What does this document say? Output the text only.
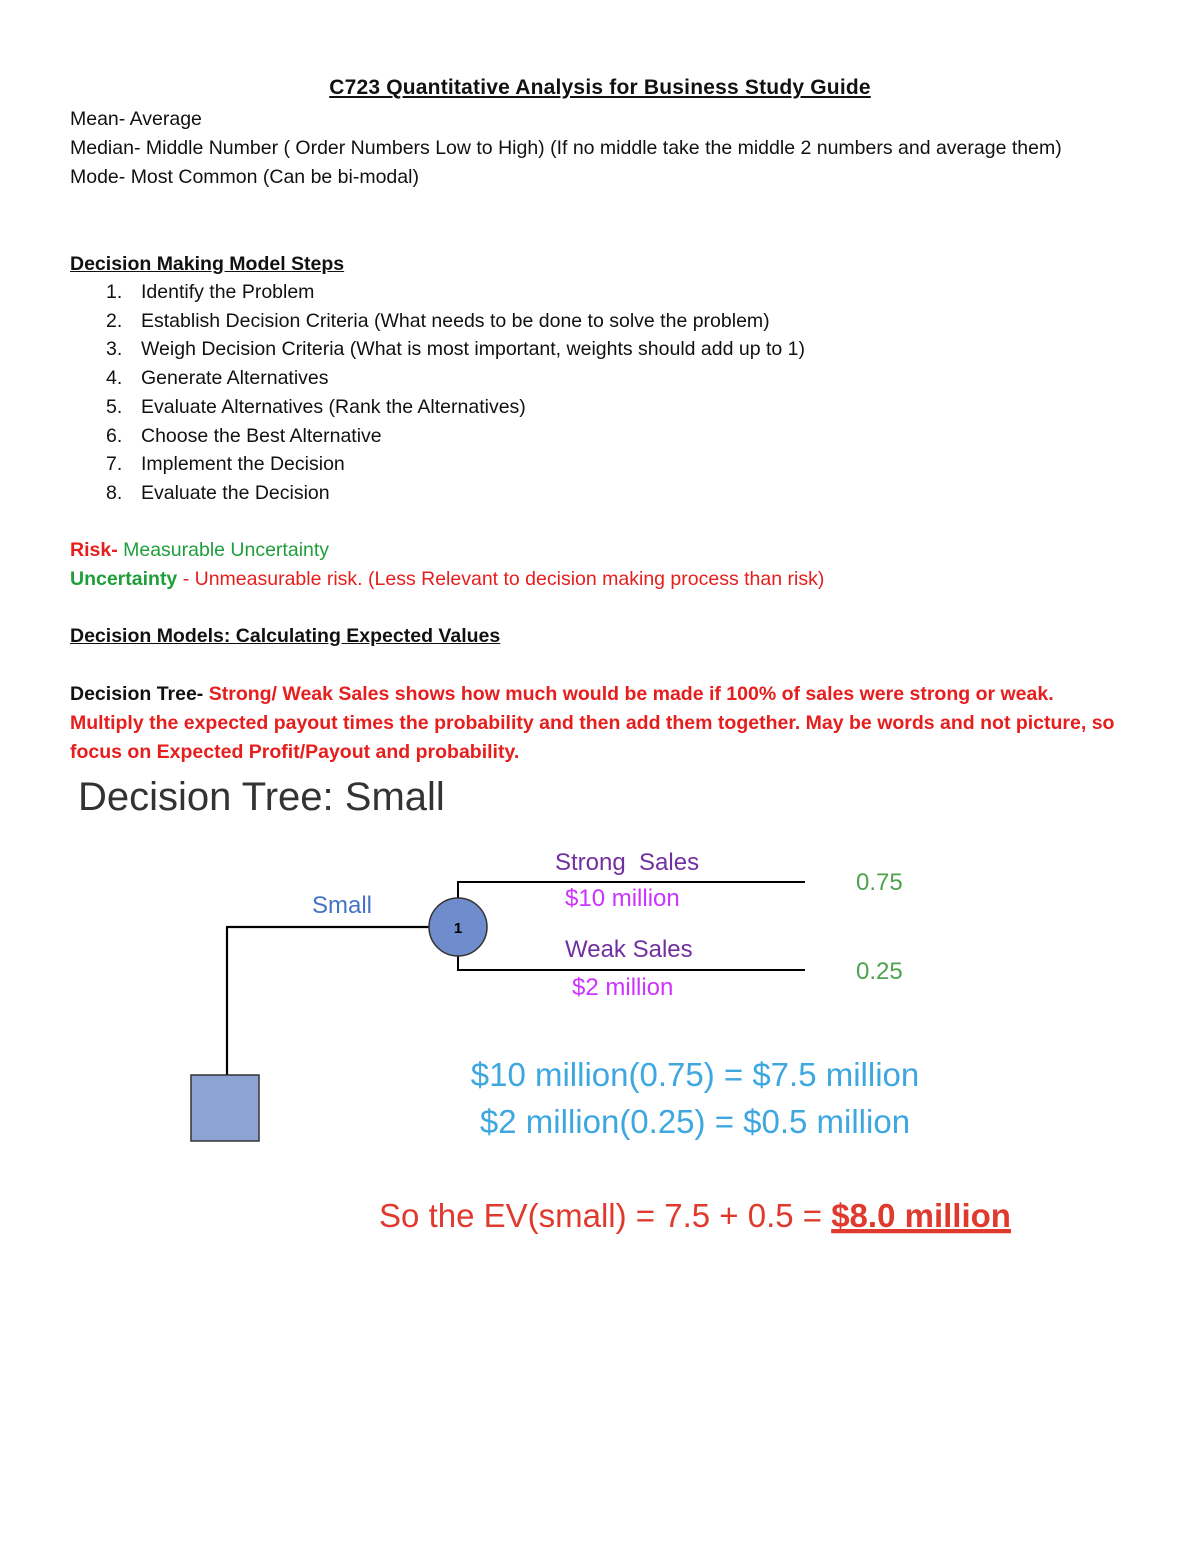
C723 Quantitative Analysis for Business Study Guide
Mean- Average
Median- Middle Number ( Order Numbers Low to High) (If no middle take the middle 2 numbers and average them)
Mode- Most Common (Can be bi-modal)
Decision Making Model Steps
1. Identify the Problem
2. Establish Decision Criteria (What needs to be done to solve the problem)
3. Weigh Decision Criteria (What is most important, weights should add up to 1)
4. Generate Alternatives
5. Evaluate Alternatives (Rank the Alternatives)
6. Choose the Best Alternative
7. Implement the Decision
8. Evaluate the Decision
Risk- Measurable Uncertainty
Uncertainty - Unmeasurable risk. (Less Relevant to decision making process than risk)
Decision Models: Calculating Expected Values
Decision Tree- Strong/ Weak Sales shows how much would be made if 100% of sales were strong or weak. Multiply the expected payout times the probability and then add them together. May be words and not picture, so focus on Expected Profit/Payout and probability.
Decision Tree: Small
1
Small
Strong  Sales
$10 million
0.75
Weak Sales
$2 million
0.25
$10 million(0.75) = $7.5 million
$2 million(0.25) = $0.5 million
So the EV(small) = 7.5 + 0.5 = $8.0 million
